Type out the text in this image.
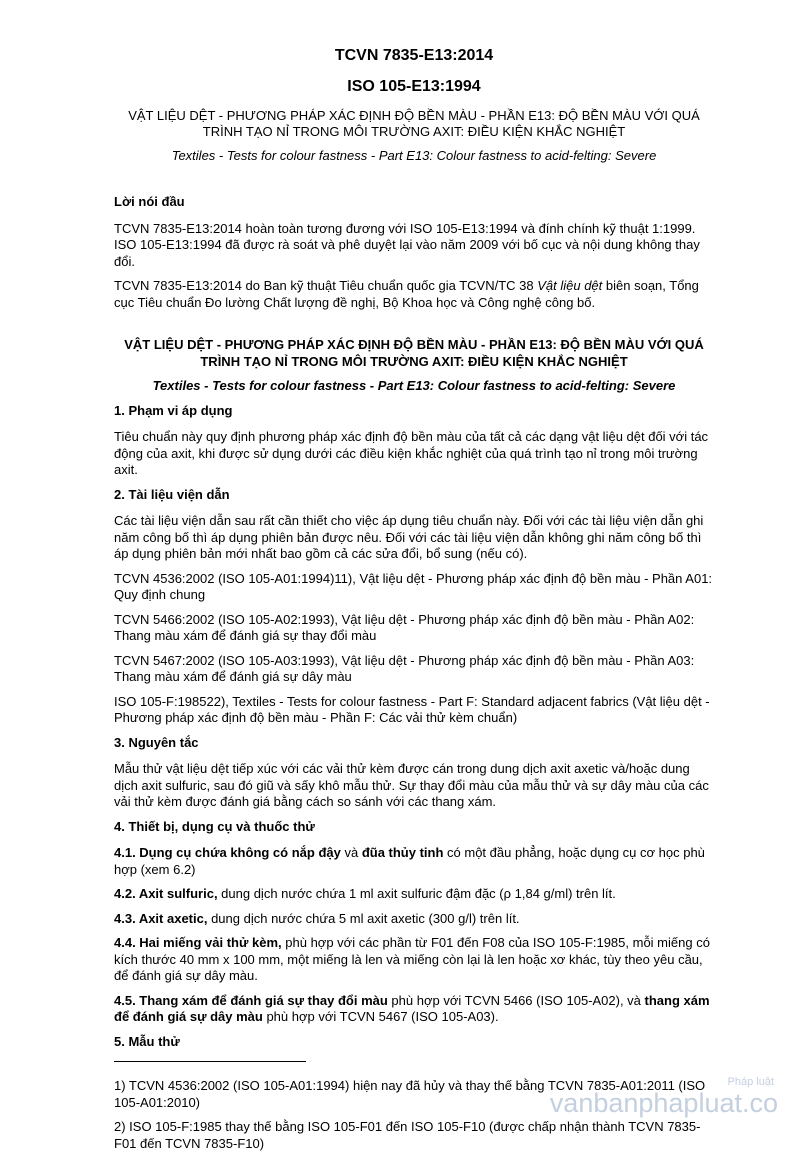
TCVN 7835-E13:2014
ISO 105-E13:1994
VẬT LIỆU DỆT - PHƯƠNG PHÁP XÁC ĐỊNH ĐỘ BỀN MÀU - PHẦN E13: ĐỘ BỀN MÀU VỚI QUÁ TRÌNH TẠO NỈ TRONG MÔI TRƯỜNG AXIT: ĐIỀU KIỆN KHẮC NGHIỆT
Textiles - Tests for colour fastness - Part E13: Colour fastness to acid-felting: Severe

Lời nói đầu

TCVN 7835-E13:2014 hoàn toàn tương đương với ISO 105-E13:1994 và đính chính kỹ thuật 1:1999. ISO 105-E13:1994 đã được rà soát và phê duyệt lại vào năm 2009 với bố cục và nội dung không thay đổi.

TCVN 7835-E13:2014 do Ban kỹ thuật Tiêu chuẩn quốc gia TCVN/TC 38 Vật liệu dệt biên soạn, Tổng cục Tiêu chuẩn Đo lường Chất lượng đề nghị, Bộ Khoa học và Công nghệ công bố.

VẬT LIỆU DỆT - PHƯƠNG PHÁP XÁC ĐỊNH ĐỘ BỀN MÀU - PHẦN E13: ĐỘ BỀN MÀU VỚI QUÁ TRÌNH TẠO NỈ TRONG MÔI TRƯỜNG AXIT: ĐIỀU KIỆN KHẮC NGHIỆT
Textiles - Tests for colour fastness - Part E13: Colour fastness to acid-felting: Severe

1. Phạm vi áp dụng

Tiêu chuẩn này quy định phương pháp xác định độ bền màu của tất cả các dạng vật liệu dệt đối với tác động của axit, khi được sử dụng dưới các điều kiện khắc nghiệt của quá trình tạo nỉ trong môi trường axit.

2. Tài liệu viện dẫn

Các tài liệu viện dẫn sau rất cần thiết cho việc áp dụng tiêu chuẩn này. Đối với các tài liệu viện dẫn ghi năm công bố thì áp dụng phiên bản được nêu. Đối với các tài liệu viện dẫn không ghi năm công bố thì áp dụng phiên bản mới nhất bao gồm cả các sửa đổi, bổ sung (nếu có).

TCVN 4536:2002 (ISO 105-A01:1994)11), Vật liệu dệt - Phương pháp xác định độ bền màu - Phần A01: Quy định chung

TCVN 5466:2002 (ISO 105-A02:1993), Vật liệu dệt - Phương pháp xác định độ bền màu - Phần A02: Thang màu xám để đánh giá sự thay đổi màu

TCVN 5467:2002 (ISO 105-A03:1993), Vật liệu dệt - Phương pháp xác định độ bền màu - Phần A03: Thang màu xám để đánh giá sự dây màu

ISO 105-F:198522), Textiles - Tests for colour fastness - Part F: Standard adjacent fabrics (Vật liệu dệt - Phương pháp xác định độ bền màu - Phần F: Các vải thử kèm chuẩn)

3. Nguyên tắc

Mẫu thử vật liệu dệt tiếp xúc với các vải thử kèm được cán trong dung dịch axit axetic và/hoặc dung dịch axit sulfuric, sau đó giũ và sấy khô mẫu thử. Sự thay đổi màu của mẫu thử và sự dây màu của các vải thử kèm được đánh giá bằng cách so sánh với các thang xám.

4. Thiết bị, dụng cụ và thuốc thử

4.1. Dụng cụ chứa không có nắp đậy và đũa thủy tinh có một đầu phẳng, hoặc dụng cụ cơ học phù hợp (xem 6.2)

4.2. Axit sulfuric, dung dịch nước chứa 1 ml axit sulfuric đậm đặc (ρ 1,84 g/ml) trên lít.

4.3. Axit axetic, dung dịch nước chứa 5 ml axit axetic (300 g/l) trên lít.

4.4. Hai miếng vải thử kèm, phù hợp với các phần từ F01 đến F08 của ISO 105-F:1985, mỗi miếng có kích thước 40 mm x 100 mm, một miếng là len và miếng còn lại là len hoặc xơ khác, tùy theo yêu cầu, để đánh giá sự dây màu.

4.5. Thang xám để đánh giá sự thay đổi màu phù hợp với TCVN 5466 (ISO 105-A02), và thang xám để đánh giá sự dây màu phù hợp với TCVN 5467 (ISO 105-A03).

5. Mẫu thử

1) TCVN 4536:2002 (ISO 105-A01:1994) hiện nay đã hủy và thay thế bằng TCVN 7835-A01:2011 (ISO 105-A01:2010)

2) ISO 105-F:1985 thay thế bằng ISO 105-F01 đến ISO 105-F10 (được chấp nhận thành TCVN 7835-F01 đến TCVN 7835-F10)

Pháp luật
vanbanphapluat.co
